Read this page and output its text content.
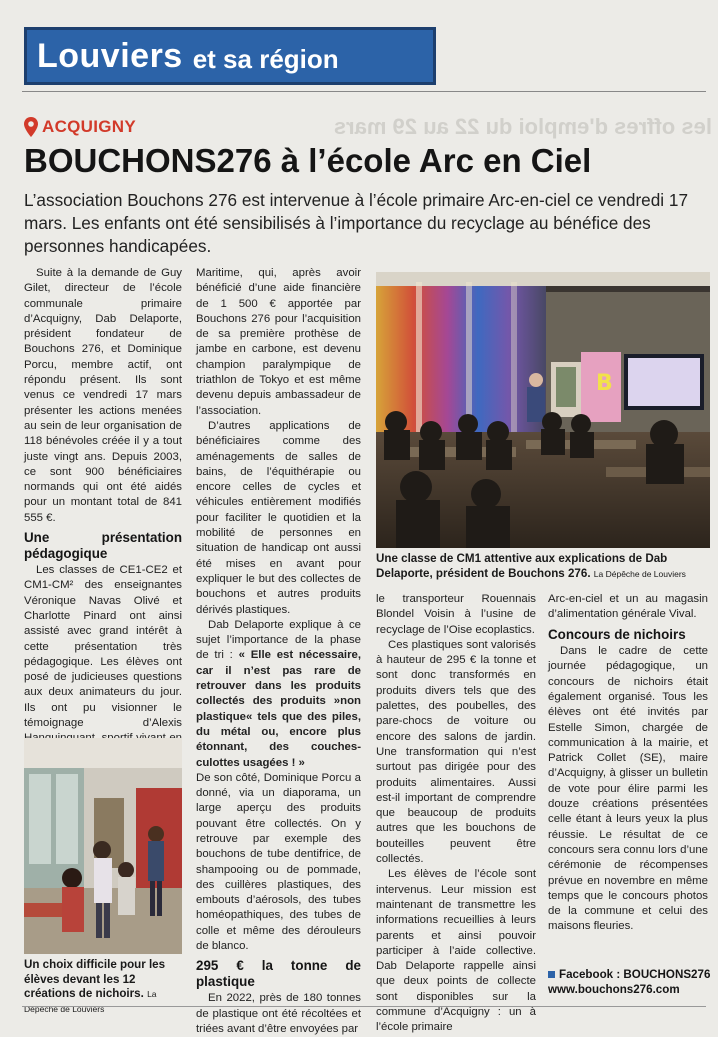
Louviers et sa région
les offres d'emploi du 22 au 29 mars
ACQUIGNY
BOUCHONS276 à l’école Arc en Ciel
L’association Bouchons 276 est intervenue à l’école primaire Arc-en-ciel ce vendredi 17 mars. Les enfants ont été sensibilisés à l’importance du recyclage au bénéfice des personnes handicapées.

Suite à la demande de Guy Gilet, directeur de l’école communale primaire d’Acquigny, Dab Delaporte, président fondateur de Bouchons 276, et Dominique Porcu, membre actif, ont répondu présent. Ils sont venus ce vendredi 17 mars présenter les actions menées au sein de leur organisation de 118 bénévoles créée il y a tout juste vingt ans. Depuis 2003, ce sont 900 bénéficiaires normands qui ont été aidés pour un montant total de 841 555 €.

Une présentation pédagogique

Les classes de CE1-CE2 et CM1-CM² des enseignantes Véronique Navas Olivé et Charlotte Pinard ont ainsi assisté avec grand intérêt à cette présentation très pédagogique. Les élèves ont posé de judicieuses questions aux deux animateurs du jour. Ils ont pu visionner le témoignage d’Alexis

Maritime, qui, après avoir bénéficié d’une aide financière de 1 500 € apportée par Bouchons 276 pour l’acquisition de sa première prothèse de jambe en carbone, est devenu champion paralympique de triathlon de Tokyo et est même devenu depuis ambassadeur de l’association.

D’autres applications de bénéficiaires comme des aménagements de salles de bains, de l’équithérapie ou encore celles de cycles et véhicules entièrement modifiés pour faciliter le quotidien et la mobilité de personnes en situation de handicap ont aussi été mises en avant pour expliquer le but des collectes de bouchons et autres produits dérivés plastiques.

Dab Delaporte explique à ce sujet l’importance de la phase de tri : « Elle est nécessaire, car il n’est pas rare de retrouver dans les produits collectés des produits »non plastique« tels que des piles, du métal ou, encore plus étonnant, des couches-culottes usagées ! »

De son côté, Dominique Porcu a donné, via un diaporama, un large aperçu des produits pouvant être collectés. On y retrouve par exemple des bouchons de tube dentifrice, de shampooing ou de pommade, des cuillères plastiques, des embouts d’aérosols, des tubes homéopathiques, des tubes de colle et même des dérouleurs de blanco.

295 € la tonne de plastique

En 2022, près de 180 tonnes de plastique ont été récoltées et triées avant d’être envoyées par

B
Une classe de CM1 attentive aux explications de Dab Delaporte, président de Bouchons 276. La Dépêche de Louviers

le transporteur Rouennais Blondel Voisin à l’usine de recyclage de l’Oise ecoplastics.

Ces plastiques sont valorisés à hauteur de 295 € la tonne et sont donc transformés en produits divers tels que des palettes, des poubelles, des pare-chocs de voiture ou encore des salons de jardin. Une transformation qui n’est surtout pas dirigée pour des produits alimentaires. Aussi est-il important de comprendre que beaucoup de produits autres que les bouchons de bouteilles peuvent être collectés.

Les élèves de l’école sont intervenus. Leur mission est maintenant de transmettre les informations recueillies à leurs parents et ainsi pouvoir participer à l’aide collective. Dab Delaporte rappelle ainsi que deux points de collecte sont disponibles sur la commune d’Acquigny : un à l’école primaire

Arc-en-ciel et un au magasin d’alimentation générale Vival.

Concours de nichoirs

Dans le cadre de cette journée pédagogique, un concours de nichoirs était également organisé. Tous les élèves ont été invités par Estelle Simon, chargée de communication à la mairie, et Patrick Collet (SE), maire d’Acquigny, à glisser un bulletin de vote pour élire parmi les douze créations présentées celle étant à leurs yeux la plus réussie. Le résultat de ce concours sera connu lors d’une cérémonie de récompenses prévue en novembre en même temps que le concours photos de la commune et celui des maisons fleuries.

Un choix difficile pour les élèves devant les 12 créations de nichoirs. La Dépêche de Louviers
Facebook : BOUCHONS276
www.bouchons276.com
